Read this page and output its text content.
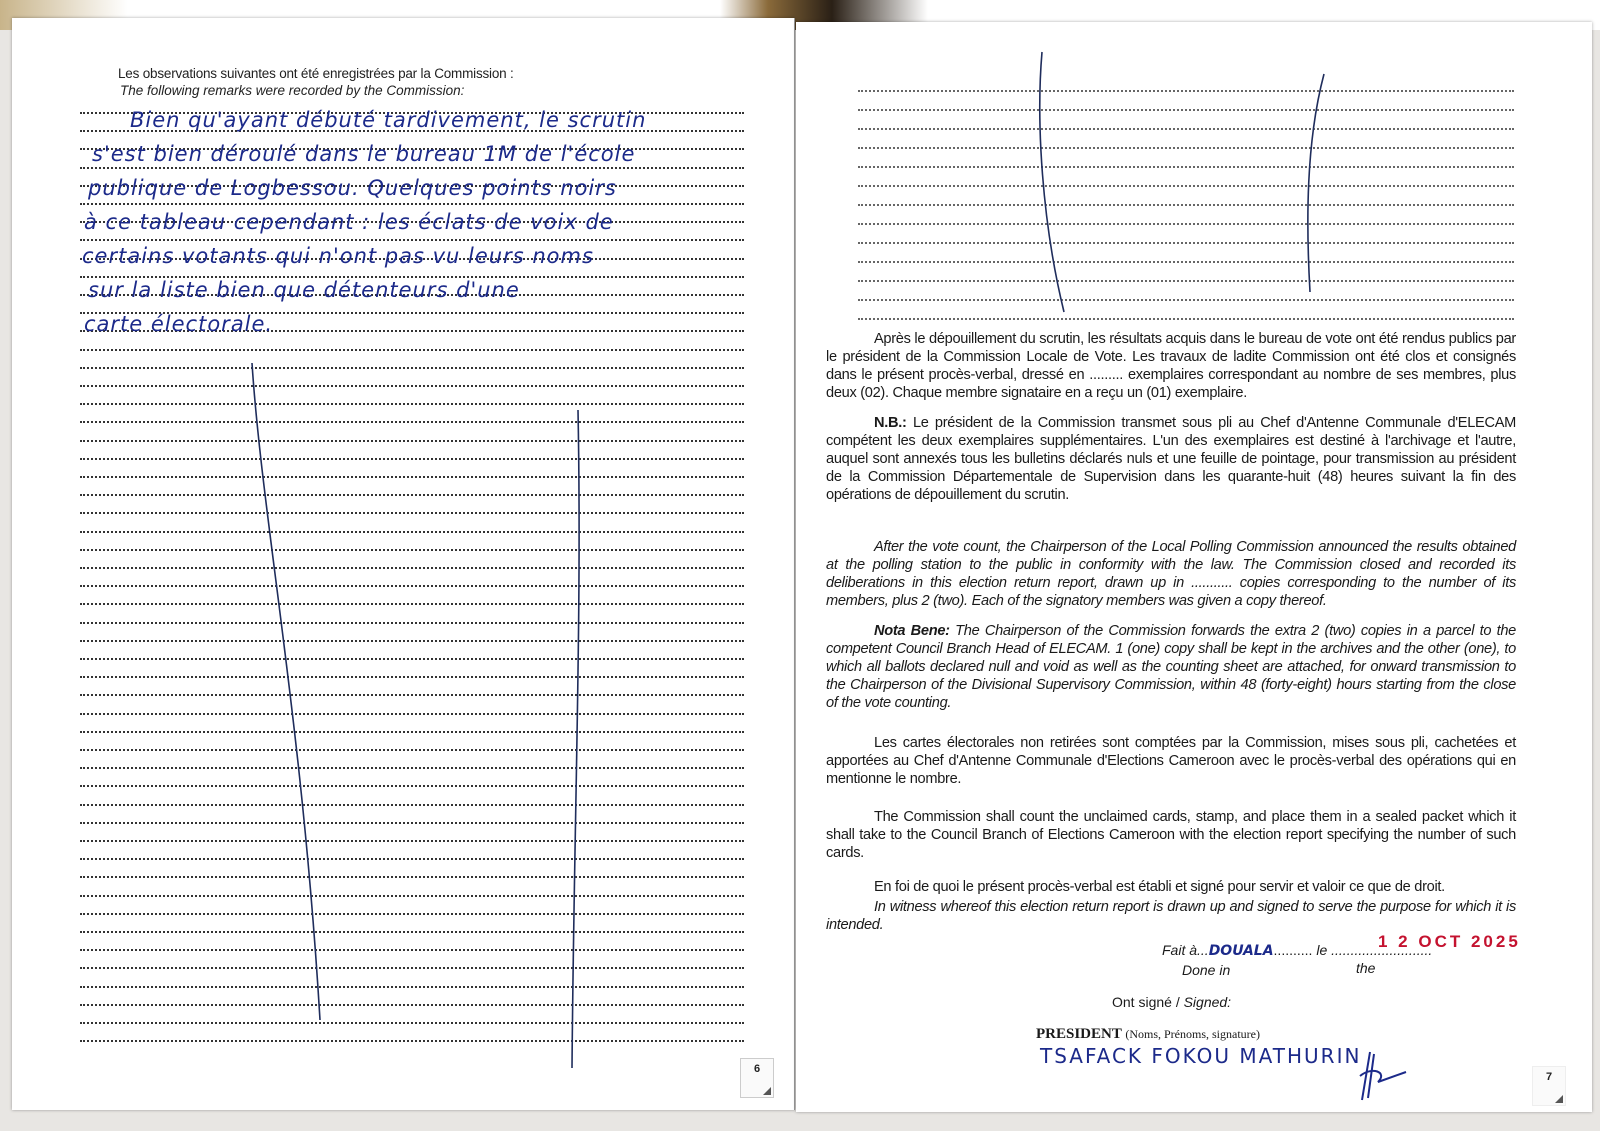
Les observations suivantes ont été enregistrées par la Commission :
The following remarks were recorded by the Commission:
Bien qu'ayant débuté tardivement, le scrutin
s'est bien déroulé dans le bureau 1M de l'école
publique de Logbessou. Quelques points noirs
à ce tableau cependant : les éclats de voix de
certains votants qui n'ont pas vu leurs noms
sur la liste bien que détenteurs d'une
carte électorale.
6
Après le dépouillement du scrutin, les résultats acquis dans le bureau de vote ont été rendus publics par le président de la Commission Locale de Vote. Les travaux de ladite Commission ont été clos et consignés dans le présent procès-verbal, dressé en ......... exemplaires correspondant au nombre de ses membres, plus deux (02). Chaque membre signataire en a reçu un (01) exemplaire.
N.B.: Le président de la Commission transmet sous pli au Chef d'Antenne Communale d'ELECAM compétent les deux exemplaires supplémentaires. L'un des exemplaires est destiné à l'archivage et l'autre, auquel sont annexés tous les bulletins déclarés nuls et une feuille de pointage, pour transmission au président de la Commission Départementale de Supervision dans les quarante-huit (48) heures suivant la fin des opérations de dépouillement du scrutin.
After the vote count, the Chairperson of the Local Polling Commission announced the results obtained at the polling station to the public in conformity with the law. The Commission closed and recorded its deliberations in this election return report, drawn up in ........... copies corresponding to the number of its members, plus 2 (two). Each of the signatory members was given a copy thereof.
Nota Bene: The Chairperson of the Commission forwards the extra 2 (two) copies in a parcel to the competent Council Branch Head of ELECAM. 1 (one) copy shall be kept in the archives and the other (one), to which all ballots declared null and void as well as the counting sheet are attached, for onward transmission to the Chairperson of the Divisional Supervisory Commission, within 48 (forty-eight) hours starting from the close of the vote counting.
Les cartes électorales non retirées sont comptées par la Commission, mises sous pli, cachetées et apportées au Chef d'Antenne Communale d'Elections Cameroon avec le procès-verbal des opérations qui en mentionne le nombre.
The Commission shall count the unclaimed cards, stamp, and place them in a sealed packet which it shall take to the Council Branch of Elections Cameroon with the election report specifying the number of such cards.
En foi de quoi le présent procès-verbal est établi et signé pour servir et valoir ce que de droit.
In witness whereof this election return report is drawn up and signed to serve the purpose for which it is intended.
Fait à...DOUALA.......... le ..........................
1 2 OCT 2025
Done in	the
Ont signé / Signed:
PRESIDENT (Noms, Prénoms, signature)
TSAFACK FOKOU MATHURIN
7
